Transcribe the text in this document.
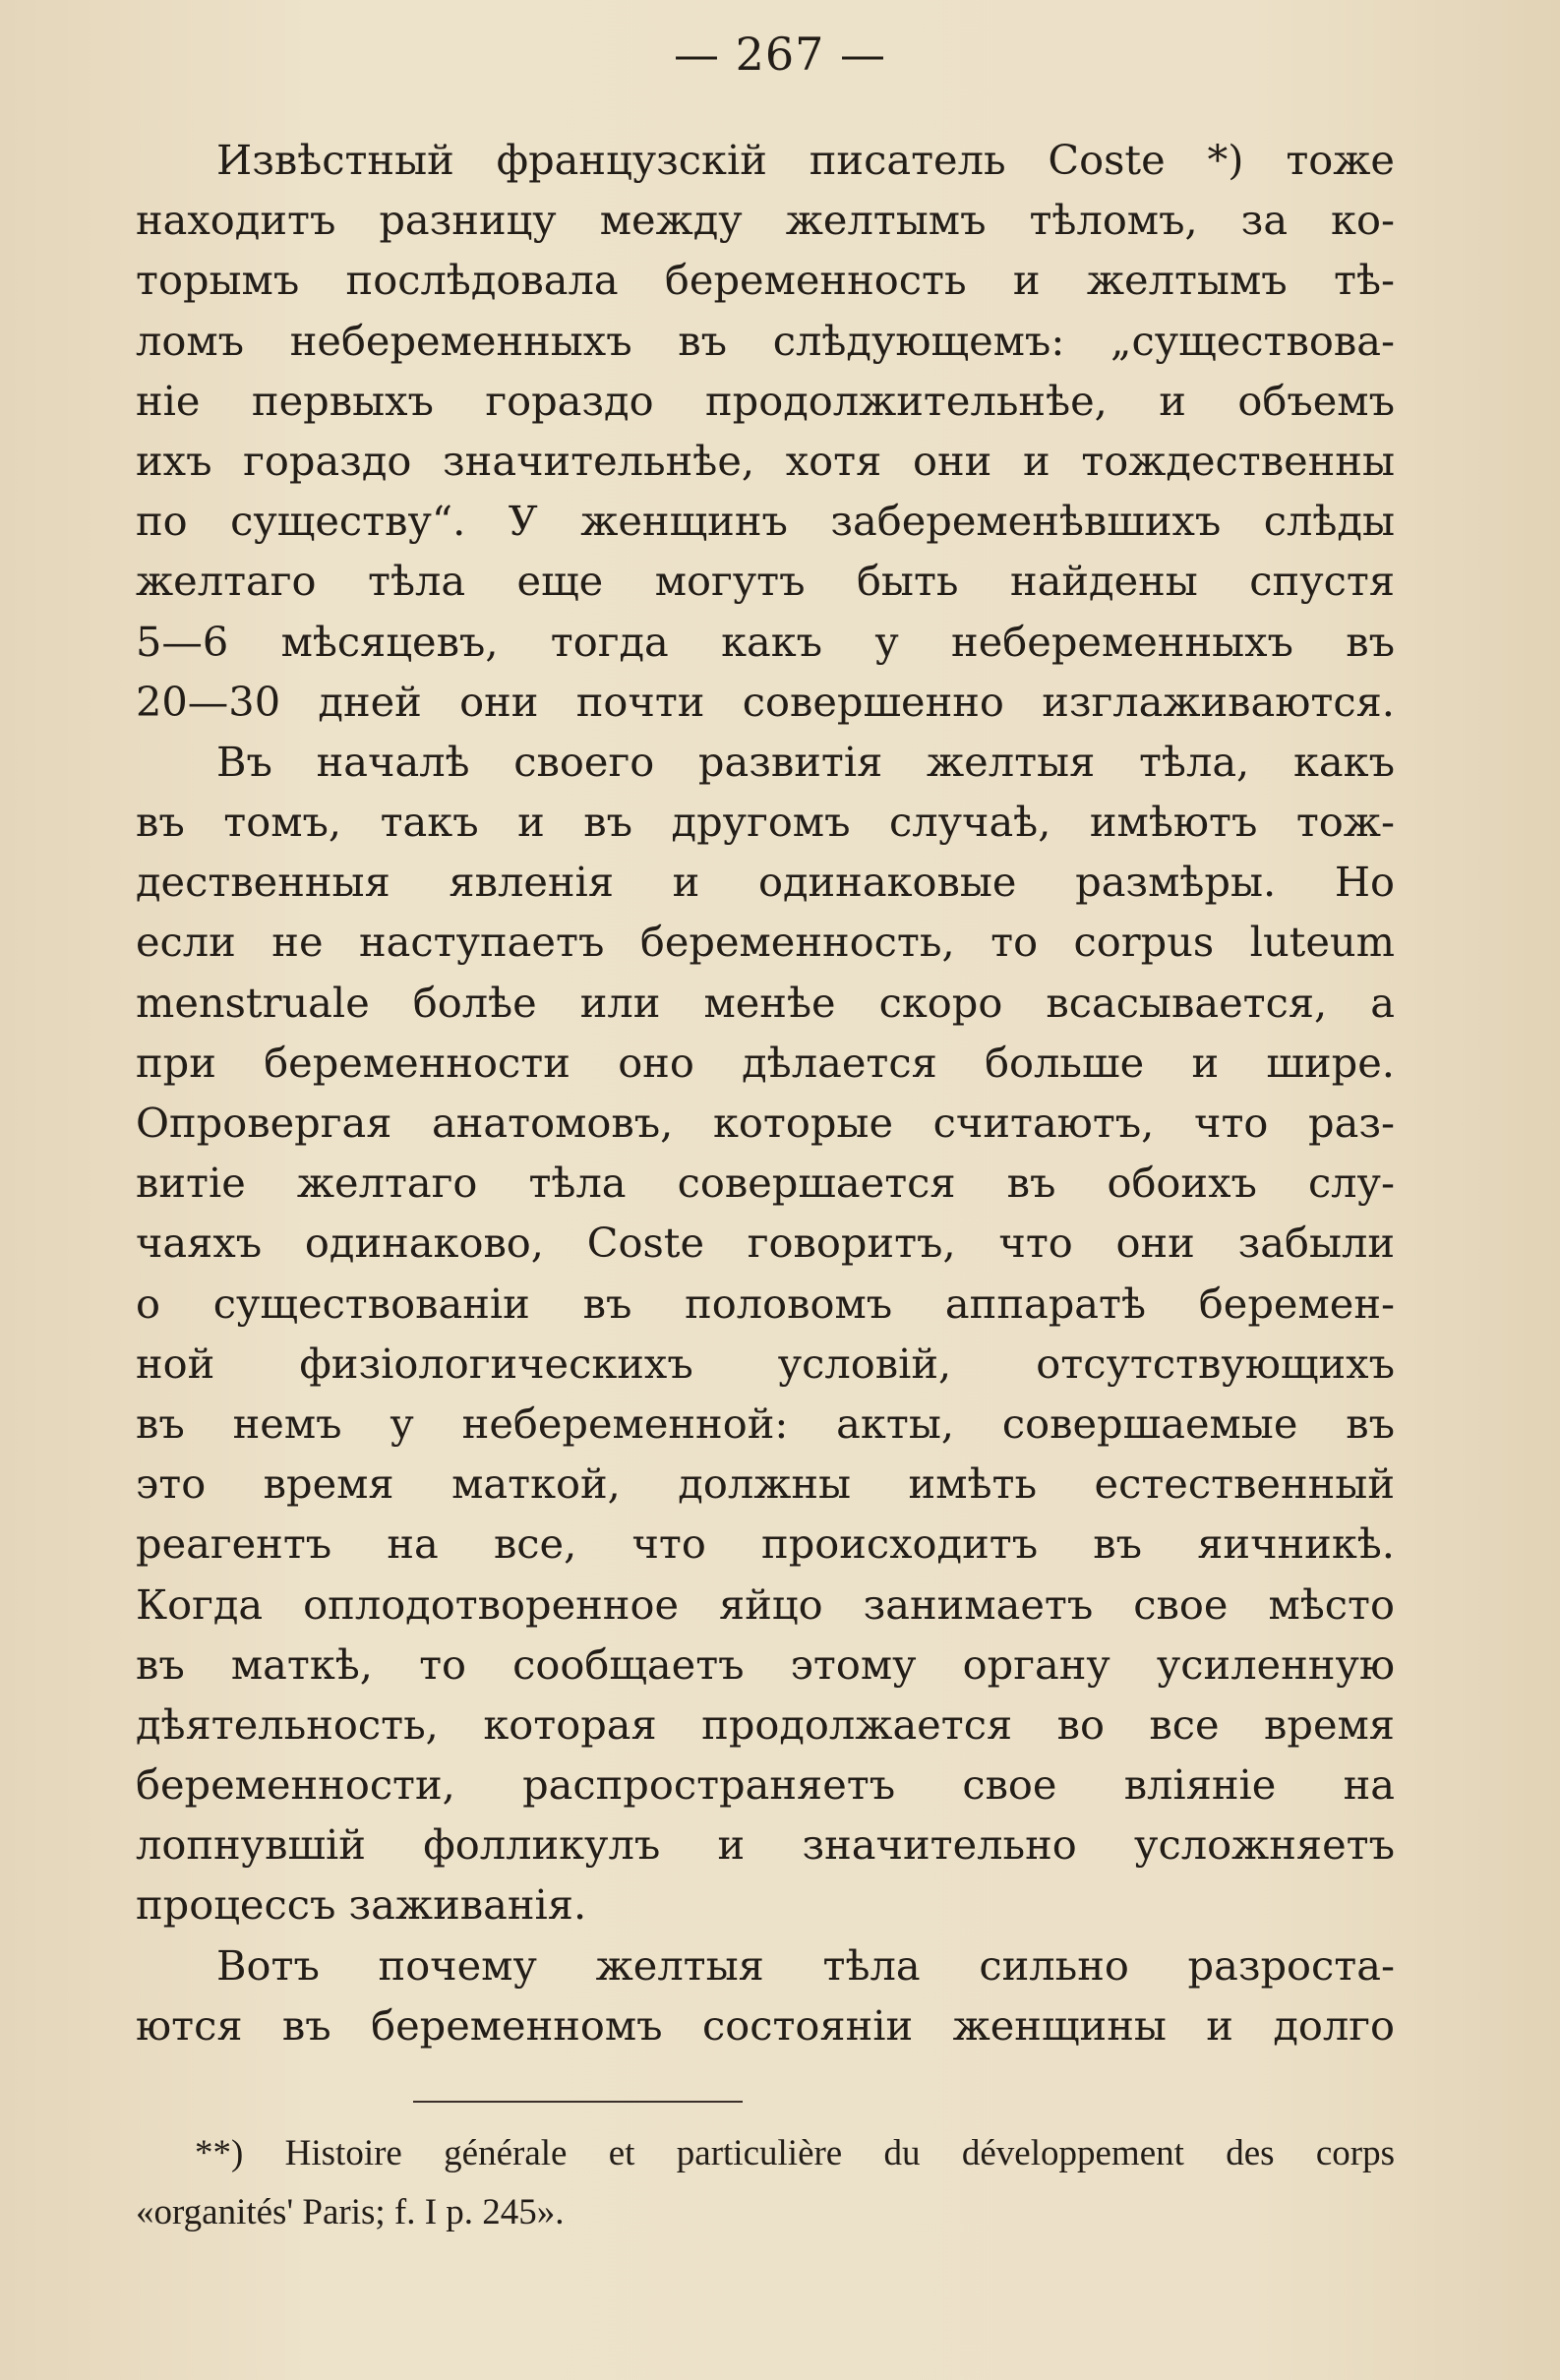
— 267 —
Извѣстный французскій писатель Coste *) тоже
находитъ разницу между желтымъ тѣломъ, за ко-
торымъ послѣдовала беременность и желтымъ тѣ-
ломъ небеременныхъ въ слѣдующемъ: „существова-
ніе первыхъ гораздо продолжительнѣе, и объемъ
ихъ гораздо значительнѣе, хотя они и тождественны
по существу“. У женщинъ забеременѣвшихъ слѣды
желтаго тѣла еще могутъ быть найдены спустя
5—6 мѣсяцевъ, тогда какъ у небеременныхъ въ
20—30 дней они почти совершенно изглаживаются.
Въ началѣ своего развитія желтыя тѣла, какъ
въ томъ, такъ и въ другомъ случаѣ, имѣютъ тож-
дественныя явленія и одинаковые размѣры. Но
если не наступаетъ беременность, то corpus luteum
menstruale болѣе или менѣе скоро всасывается, а
при беременности оно дѣлается больше и шире.
Опровергая анатомовъ, которые считаютъ, что раз-
витіе желтаго тѣла совершается въ обоихъ слу-
чаяхъ одинаково, Coste говоритъ, что они забыли
о существованіи въ половомъ аппаратѣ беремен-
ной физіологическихъ условій, отсутствующихъ
въ немъ у небеременной: акты, совершаемые въ
это время маткой, должны имѣть естественный
реагентъ на все, что происходитъ въ яичникѣ.
Когда оплодотворенное яйцо занимаетъ свое мѣсто
въ маткѣ, то сообщаетъ этому органу усиленную
дѣятельность, которая продолжается во все время
беременности, распространяетъ свое вліяніе на
лопнувшій фолликулъ и значительно усложняетъ
процессъ заживанія.
Вотъ почему желтыя тѣла сильно разроста-
ются въ беременномъ состояніи женщины и долго
**) Histoire générale et particulière du développement des corps
«organités' Paris; f. I p. 245».
